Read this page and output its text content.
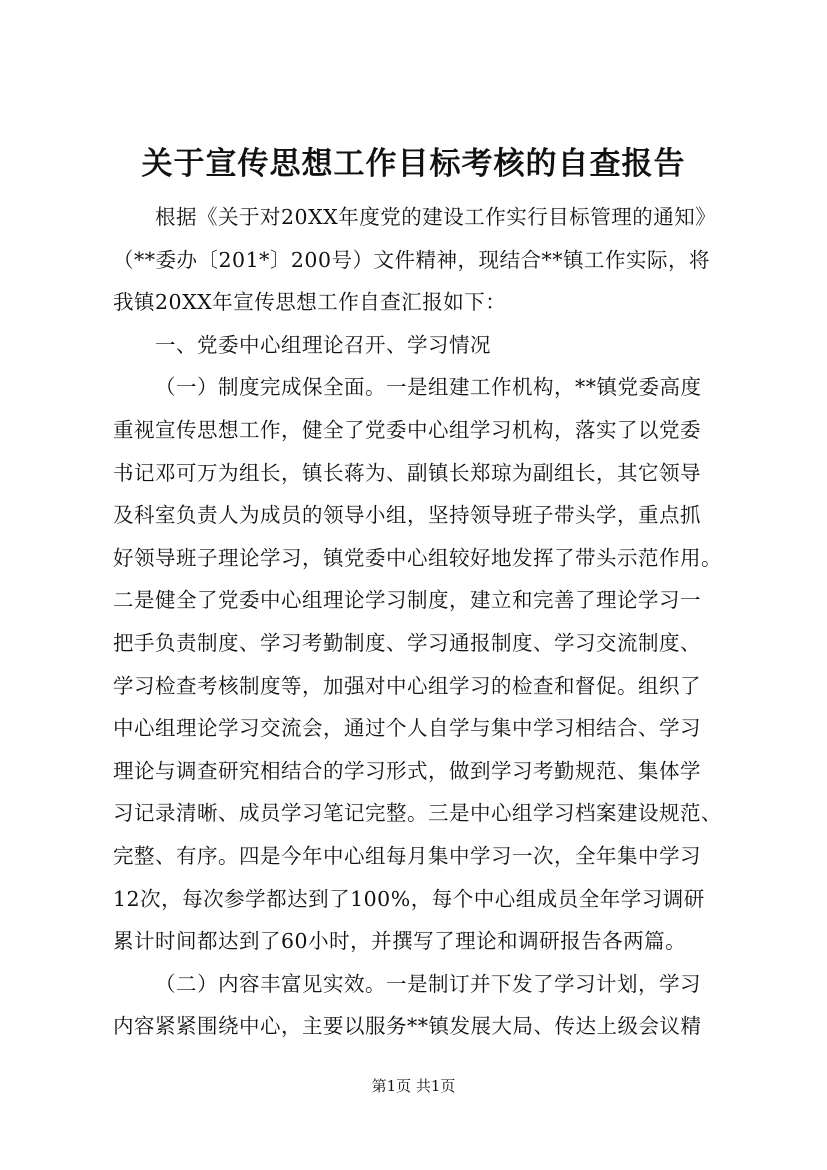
关于宣传思想工作目标考核的自查报告
根据《关于对20XX年度党的建设工作实行目标管理的通知》
（**委办〔201*〕200号）文件精神，现结合**镇工作实际，将
我镇20XX年宣传思想工作自查汇报如下：
一、党委中心组理论召开、学习情况
（一）制度完成保全面。一是组建工作机构，**镇党委高度
重视宣传思想工作，健全了党委中心组学习机构，落实了以党委
书记邓可万为组长，镇长蒋为、副镇长郑琼为副组长，其它领导
及科室负责人为成员的领导小组，坚持领导班子带头学，重点抓
好领导班子理论学习，镇党委中心组较好地发挥了带头示范作用。
二是健全了党委中心组理论学习制度，建立和完善了理论学习一
把手负责制度、学习考勤制度、学习通报制度、学习交流制度、
学习检查考核制度等，加强对中心组学习的检查和督促。组织了
中心组理论学习交流会，通过个人自学与集中学习相结合、学习
理论与调查研究相结合的学习形式，做到学习考勤规范、集体学
习记录清晰、成员学习笔记完整。三是中心组学习档案建设规范、
完整、有序。四是今年中心组每月集中学习一次，全年集中学习
12次，每次参学都达到了100%，每个中心组成员全年学习调研
累计时间都达到了60小时，并撰写了理论和调研报告各两篇。
（二）内容丰富见实效。一是制订并下发了学习计划，学习
内容紧紧围绕中心，主要以服务**镇发展大局、传达上级会议精
第1页 共1页
